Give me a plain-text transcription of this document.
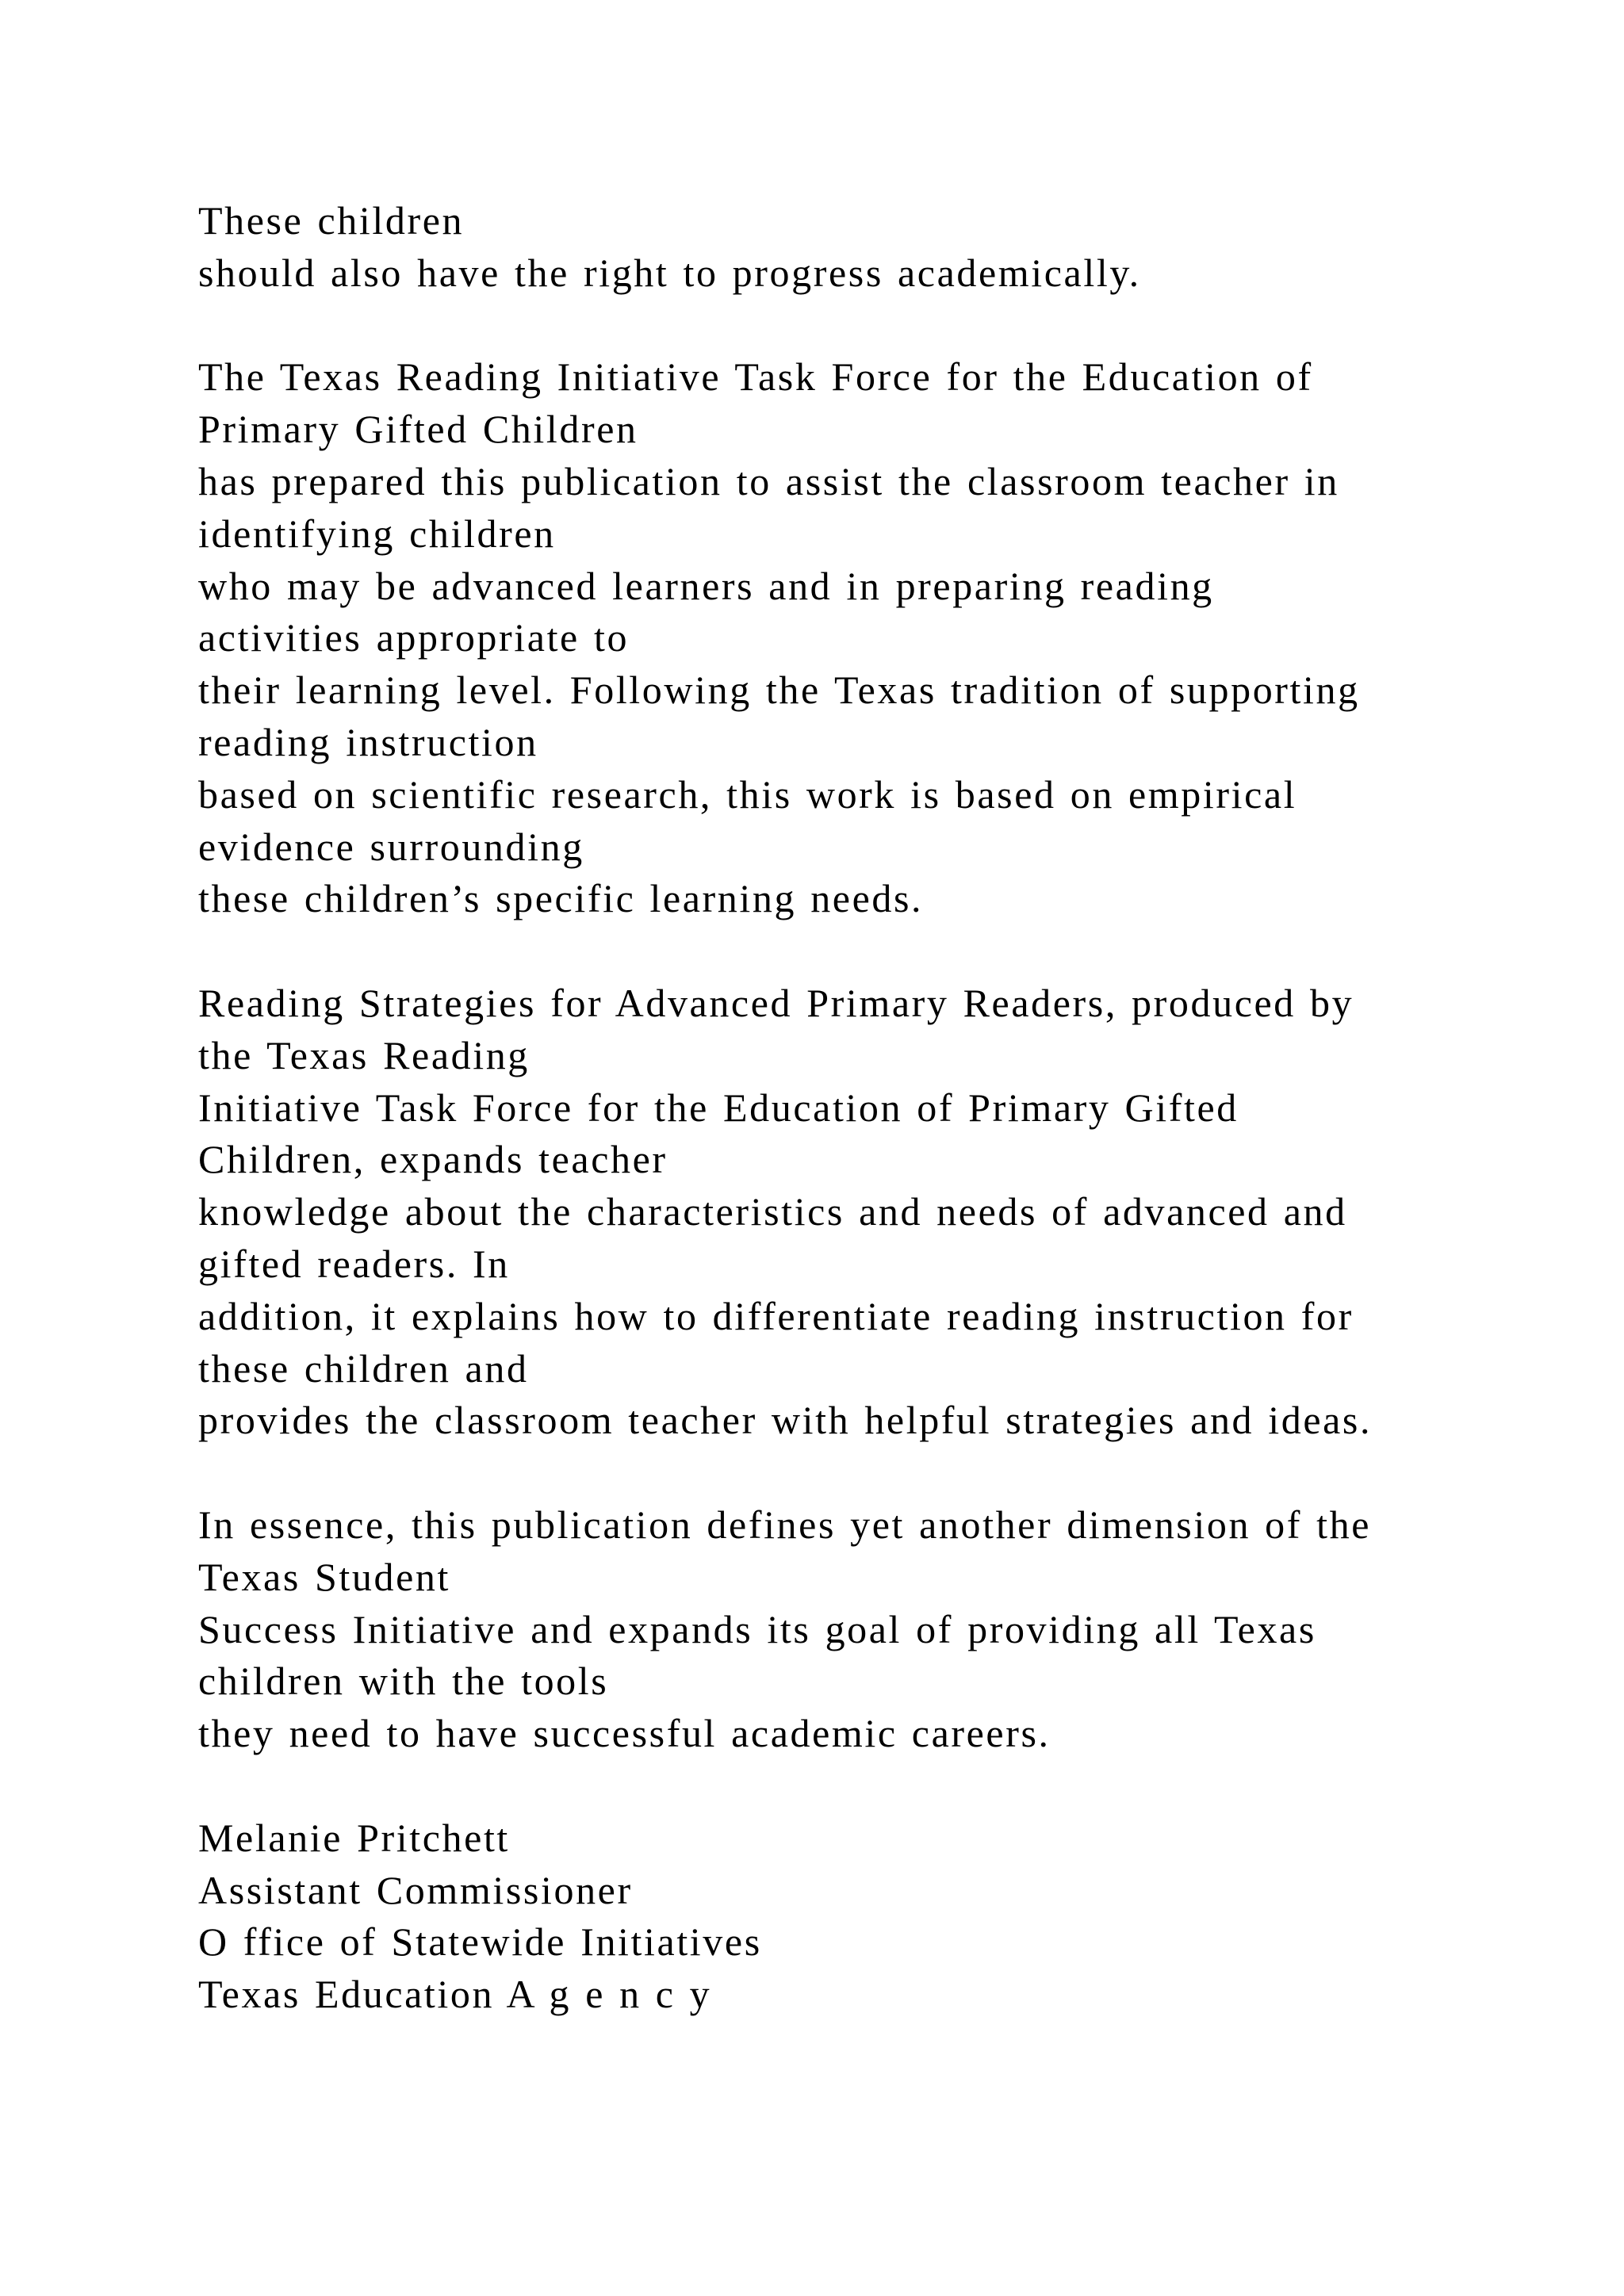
These children
should also have the right to progress academically.
The Texas Reading Initiative Task Force for the Education of
Primary Gifted Children
has prepared this publication to assist the classroom teacher in
identifying children
who may be advanced learners and in preparing reading
activities appropriate to
their learning level. Following the Texas tradition of supporting
reading instruction
based on scientific research, this work is based on empirical
evidence surrounding
these children’s specific learning needs.
Reading Strategies for Advanced Primary Readers, produced by
the Texas Reading
Initiative Task Force for the Education of Primary Gifted
Children, expands teacher
knowledge about the characteristics and needs of advanced and
gifted readers. In
addition, it explains how to differentiate reading instruction for
these children and
provides the classroom teacher with helpful strategies and ideas.
In essence, this publication defines yet another dimension of the
Texas Student
Success Initiative and expands its goal of providing all Texas
children with the tools
they need to have successful academic careers.
Melanie Pritchett
Assistant Commissioner
O ffice of Statewide Initiatives
Texas Education A g e n c y
